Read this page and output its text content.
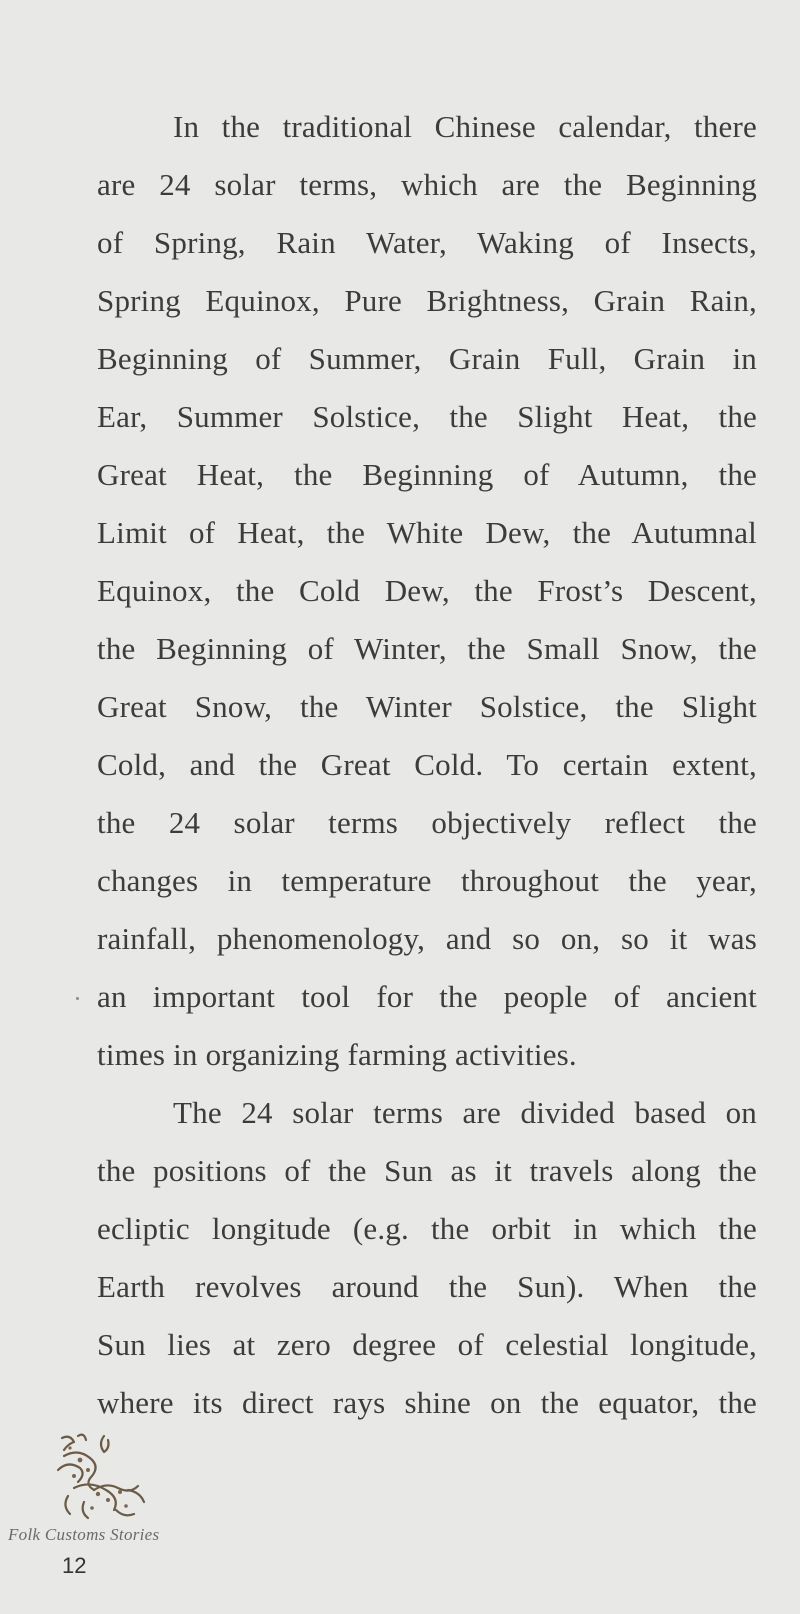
In the traditional Chinese calendar, there
are 24 solar terms, which are the Beginning
of Spring, Rain Water, Waking of Insects,
Spring Equinox, Pure Brightness, Grain Rain,
Beginning of Summer, Grain Full, Grain in
Ear, Summer Solstice, the Slight Heat, the
Great Heat, the Beginning of Autumn, the
Limit of Heat, the White Dew, the Autumnal
Equinox, the Cold Dew, the Frost’s Descent,
the Beginning of Winter, the Small Snow, the
Great Snow, the Winter Solstice, the Slight
Cold, and the Great Cold. To certain extent,
the 24 solar terms objectively reflect the
changes in temperature throughout the year,
rainfall, phenomenology, and so on, so it was
an important tool for the people of ancient
times in organizing farming activities.
The 24 solar terms are divided based on
the positions of the Sun as it travels along the
ecliptic longitude (e.g. the orbit in which the
Earth revolves around the Sun). When the
Sun lies at zero degree of celestial longitude,
where its direct rays shine on the equator, the
Folk Customs Stories
12
